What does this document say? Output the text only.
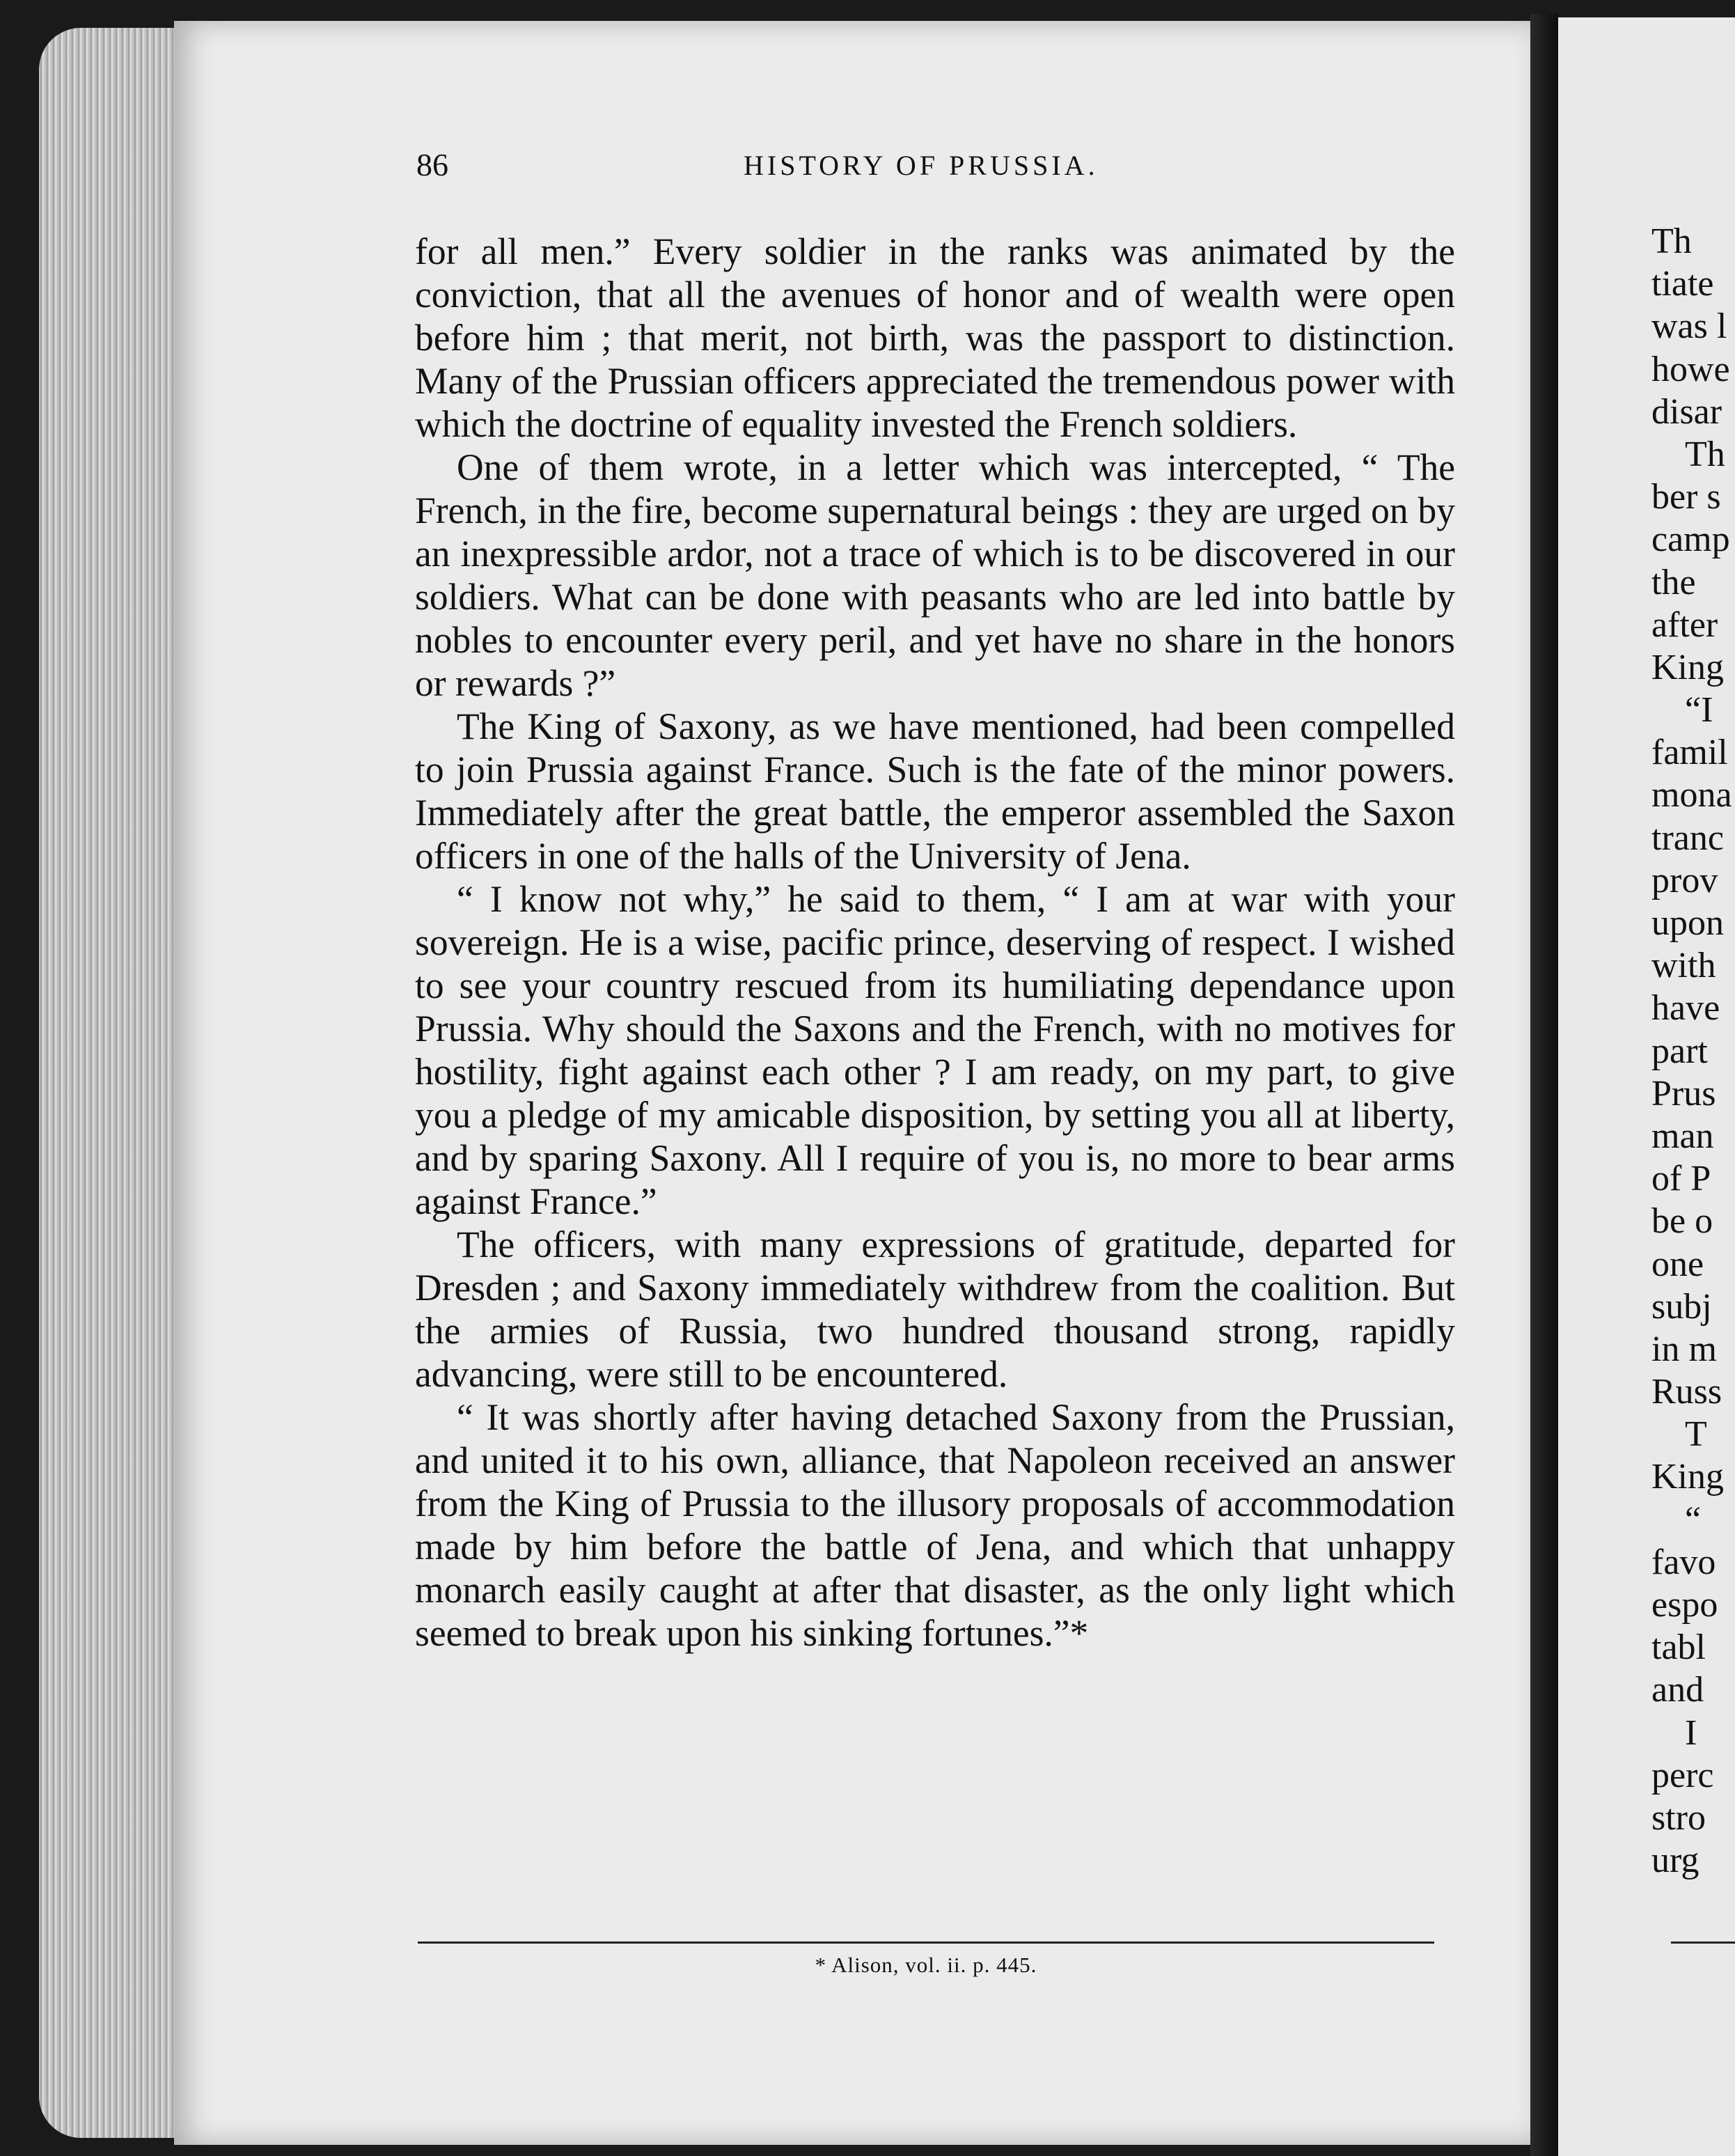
86	HISTORY OF PRUSSIA.

for all men.” Every soldier in the ranks was animated by the conviction, that all the avenues of honor and of wealth were open before him ; that merit, not birth, was the passport to distinction. Many of the Prussian officers appreciated the tremendous power with which the doctrine of equality invested the French soldiers.

One of them wrote, in a letter which was intercepted, “ The French, in the fire, become supernatural beings : they are urged on by an inexpressible ardor, not a trace of which is to be discovered in our soldiers. What can be done with peasants who are led into battle by nobles to encounter every peril, and yet have no share in the honors or rewards ?”

The King of Saxony, as we have mentioned, had been compelled to join Prussia against France. Such is the fate of the minor powers. Immediately after the great battle, the emperor assembled the Saxon officers in one of the halls of the University of Jena.

“ I know not why,” he said to them, “ I am at war with your sovereign. He is a wise, pacific prince, deserving of respect. I wished to see your country rescued from its humiliating dependance upon Prussia. Why should the Saxons and the French, with no motives for hostility, fight against each other ? I am ready, on my part, to give you a pledge of my amicable disposition, by setting you all at liberty, and by sparing Saxony. All I require of you is, no more to bear arms against France.”

The officers, with many expressions of gratitude, departed for Dresden ; and Saxony immediately withdrew from the coalition. But the armies of Russia, two hundred thousand strong, rapidly advancing, were still to be encountered.

“ It was shortly after having detached Saxony from the Prussian, and united it to his own, alliance, that Napoleon received an answer from the King of Prussia to the illusory proposals of accommodation made by him before the battle of Jena, and which that unhappy monarch easily caught at after that disaster, as the only light which seemed to break upon his sinking fortunes.”*

* Alison, vol. ii. p. 445.
Th
tiate
was l
howe
disar
Th
ber s
camp
the
after
King
“I
famil
mona
tranc
prov
upon
with
have
part
Prus
man
of P
be o
one
subj
in m
Russ
T
King
“
favo
espo
tabl
and
I
perc
stro
urg
